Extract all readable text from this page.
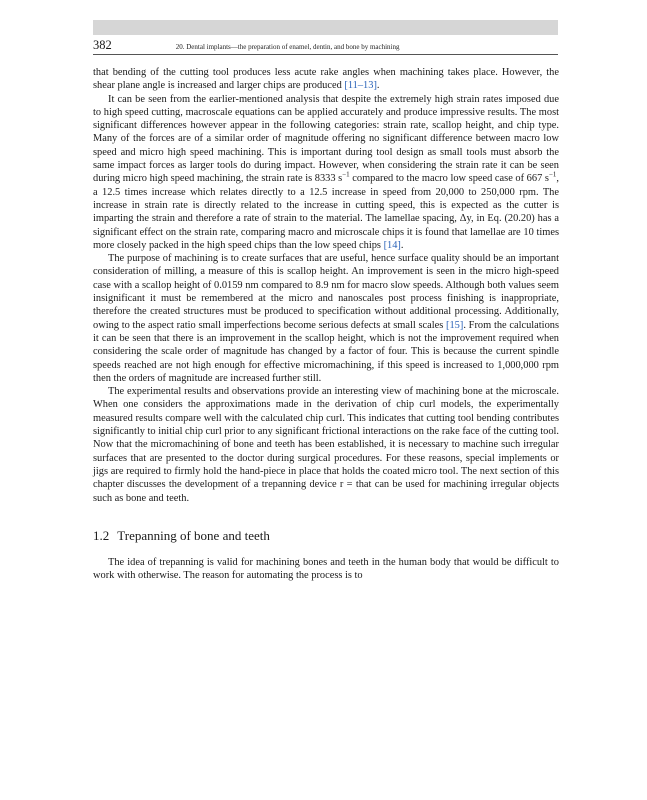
382	20. Dental implants—the preparation of enamel, dentin, and bone by machining

that bending of the cutting tool produces less acute rake angles when machining takes place. However, the shear plane angle is increased and larger chips are produced [11–13].

It can be seen from the earlier-mentioned analysis that despite the extremely high strain rates imposed due to high speed cutting, macroscale equations can be applied accurately and produce impressive results. The most significant differences however appear in the following categories: strain rate, scallop height, and chip type. Many of the forces are of a similar order of magnitude offering no significant difference between macro low speed and micro high speed machining. This is important during tool design as small tools must absorb the same impact forces as larger tools do during impact. However, when considering the strain rate it can be seen during micro high speed machining, the strain rate is 8333 $s^{-1}$ compared to the macro low speed case of 667 $s^{-1}$, a 12.5 times increase which relates directly to a 12.5 increase in speed from 20,000 to 250,000 rpm. The increase in strain rate is directly related to the increase in cutting speed, this is expected as the cutter is imparting the strain and therefore a rate of strain to the material. The lamellae spacing, Δy, in Eq. (20.20) has a significant effect on the strain rate, comparing macro and microscale chips it is found that lamellae are 10 times more closely packed in the high speed chips than the low speed chips [14].

The purpose of machining is to create surfaces that are useful, hence surface quality should be an important consideration of milling, a measure of this is scallop height. An improvement is seen in the micro high-speed case with a scallop height of 0.0159 nm compared to 8.9 nm for macro slow speeds. Although both values seem insignificant it must be remembered at the micro and nanoscales post process finishing is inappropriate, therefore the created structures must be produced to specification without additional processing. Additionally, owing to the aspect ratio small imperfections become serious defects at small scales [15]. From the calculations it can be seen that there is an improvement in the scallop height, which is not the improvement required when considering the scale order of magnitude has changed by a factor of four. This is because the current spindle speeds reached are not high enough for effective micromachining, if this speed is increased to 1,000,000 rpm then the orders of magnitude are increased further still.

The experimental results and observations provide an interesting view of machining bone at the microscale. When one considers the approximations made in the derivation of chip curl models, the experimentally measured results compare well with the calculated chip curl. This indicates that cutting tool bending contributes significantly to initial chip curl prior to any significant frictional interactions on the rake face of the cutting tool. Now that the micromachining of bone and teeth has been established, it is necessary to machine such irregular surfaces that are presented to the doctor during surgical procedures. For these reasons, special implements or jigs are required to firmly hold the hand-piece in place that holds the coated micro tool. The next section of this chapter discusses the development of a trepanning device r = that can be used for machining irregular objects such as bone and teeth.

1.2 Trepanning of bone and teeth

The idea of trepanning is valid for machining bones and teeth in the human body that would be difficult to work with otherwise. The reason for automating the process is to
